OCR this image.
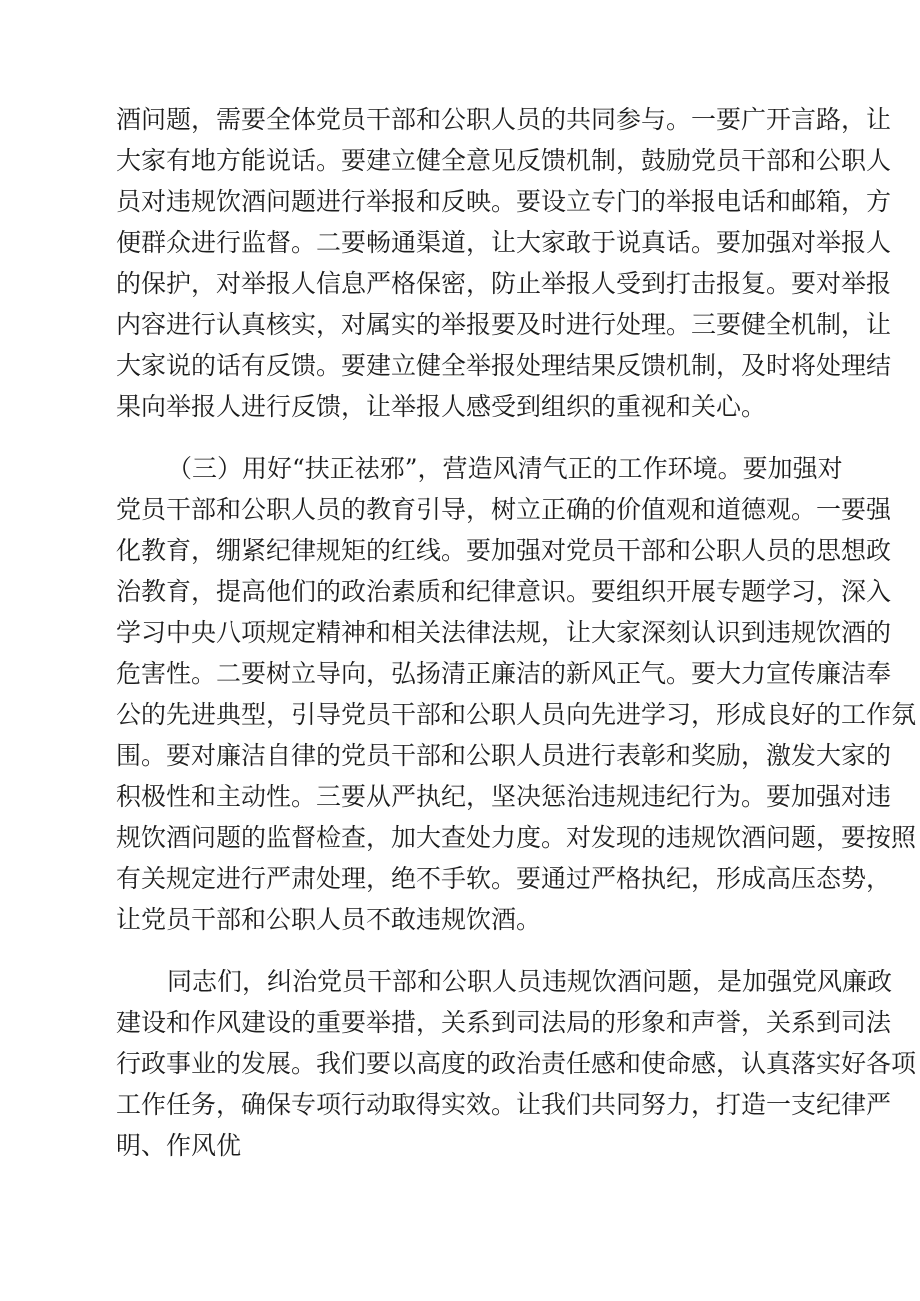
酒问题，需要全体党员干部和公职人员的共同参与。一要广开言路，让
大家有地方能说话。要建立健全意见反馈机制，鼓励党员干部和公职人
员对违规饮酒问题进行举报和反映。要设立专门的举报电话和邮箱，方
便群众进行监督。二要畅通渠道，让大家敢于说真话。要加强对举报人
的保护，对举报人信息严格保密，防止举报人受到打击报复。要对举报
内容进行认真核实，对属实的举报要及时进行处理。三要健全机制，让
大家说的话有反馈。要建立健全举报处理结果反馈机制，及时将处理结
果向举报人进行反馈，让举报人感受到组织的重视和关心。
（三）用好“扶正祛邪”，营造风清气正的工作环境。要加强对
党员干部和公职人员的教育引导，树立正确的价值观和道德观。一要强
化教育，绷紧纪律规矩的红线。要加强对党员干部和公职人员的思想政
治教育，提高他们的政治素质和纪律意识。要组织开展专题学习，深入
学习中央八项规定精神和相关法律法规，让大家深刻认识到违规饮酒的
危害性。二要树立导向，弘扬清正廉洁的新风正气。要大力宣传廉洁奉
公的先进典型，引导党员干部和公职人员向先进学习，形成良好的工作氛
围。要对廉洁自律的党员干部和公职人员进行表彰和奖励，激发大家的
积极性和主动性。三要从严执纪，坚决惩治违规违纪行为。要加强对违
规饮酒问题的监督检查，加大查处力度。对发现的违规饮酒问题，要按照
有关规定进行严肃处理，绝不手软。要通过严格执纪，形成高压态势，
让党员干部和公职人员不敢违规饮酒。
同志们，纠治党员干部和公职人员违规饮酒问题，是加强党风廉政
建设和作风建设的重要举措，关系到司法局的形象和声誉，关系到司法
行政事业的发展。我们要以高度的政治责任感和使命感，认真落实好各项
工作任务，确保专项行动取得实效。让我们共同努力，打造一支纪律严
明、作风优
